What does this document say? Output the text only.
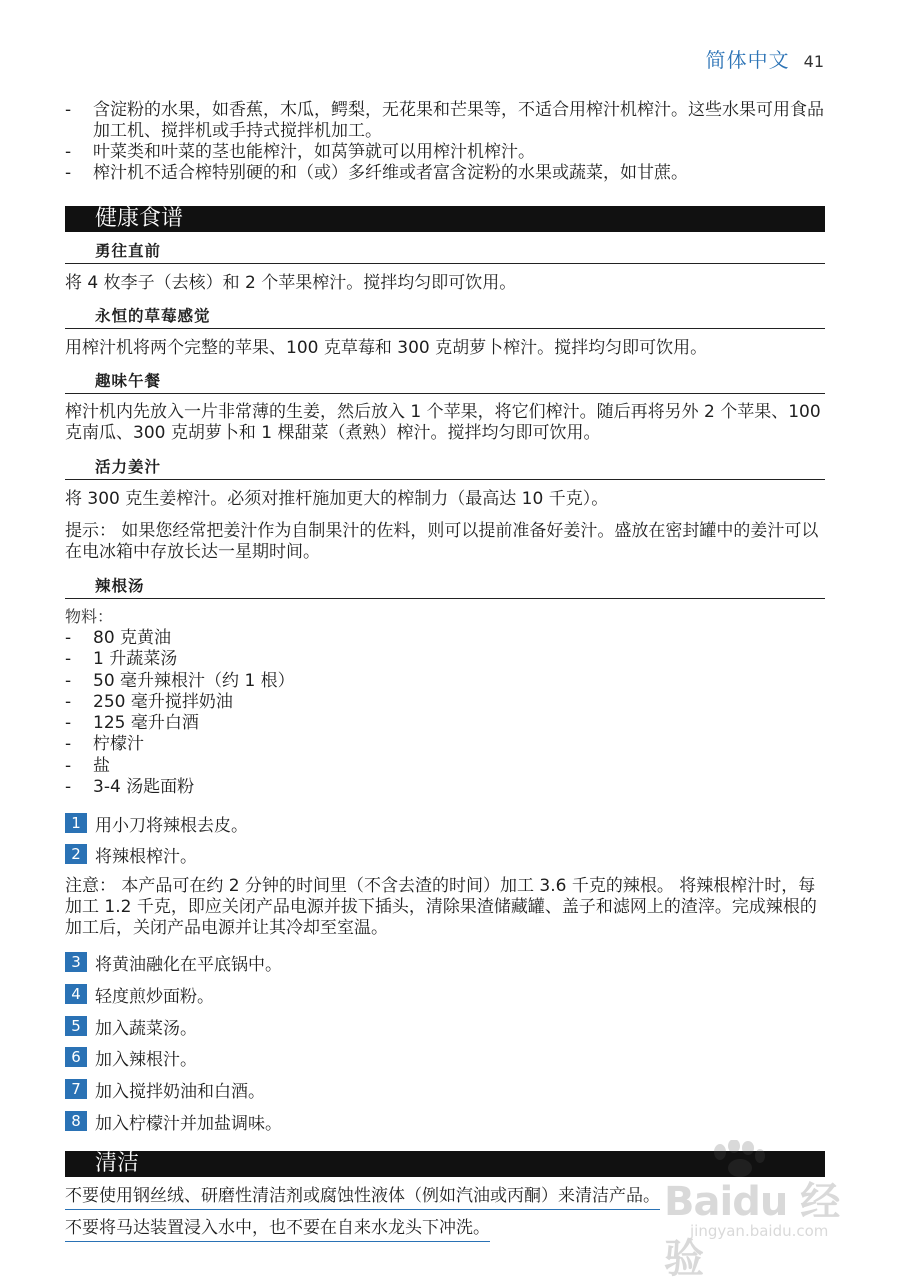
简体中文 41
-	含淀粉的水果，如香蕉，木瓜，鳄梨，无花果和芒果等，不适合用榨汁机榨汁。这些水果可用食品加工机、搅拌机或手持式搅拌机加工。
-	叶菜类和叶菜的茎也能榨汁，如莴笋就可以用榨汁机榨汁。
-	榨汁机不适合榨特别硬的和（或）多纤维或者富含淀粉的水果或蔬菜，如甘蔗。
健康食谱
勇往直前
将 4 枚李子（去核）和 2 个苹果榨汁。搅拌均匀即可饮用。
永恒的草莓感觉
用榨汁机将两个完整的苹果、100 克草莓和 300 克胡萝卜榨汁。搅拌均匀即可饮用。
趣味午餐
榨汁机内先放入一片非常薄的生姜，然后放入 1 个苹果，将它们榨汁。随后再将另外 2 个苹果、100 克南瓜、300 克胡萝卜和 1 棵甜菜（煮熟）榨汁。搅拌均匀即可饮用。
活力姜汁
将 300 克生姜榨汁。必须对推杆施加更大的榨制力（最高达 10 千克）。
提示： 如果您经常把姜汁作为自制果汁的佐料，则可以提前准备好姜汁。盛放在密封罐中的姜汁可以在电冰箱中存放长达一星期时间。
辣根汤
物料：
-	80 克黄油
-	1 升蔬菜汤
-	50 毫升辣根汁（约 1 根）
-	250 毫升搅拌奶油
-	125 毫升白酒
-	柠檬汁
-	盐
-	3-4 汤匙面粉
1 用小刀将辣根去皮。
2 将辣根榨汁。
注意： 本产品可在约 2 分钟的时间里（不含去渣的时间）加工 3.6 千克的辣根。 将辣根榨汁时，每加工 1.2 千克，即应关闭产品电源并拔下插头，清除果渣储藏罐、盖子和滤网上的渣滓。完成辣根的加工后，关闭产品电源并让其冷却至室温。
3 将黄油融化在平底锅中。
4 轻度煎炒面粉。
5 加入蔬菜汤。
6 加入辣根汁。
7 加入搅拌奶油和白酒。
8 加入柠檬汁并加盐调味。
清洁
不要使用钢丝绒、研磨性清洁剂或腐蚀性液体（例如汽油或丙酮）来清洁产品。
不要将马达装置浸入水中，也不要在自来水龙头下冲洗。
Baidu 经验
jingyan.baidu.com
